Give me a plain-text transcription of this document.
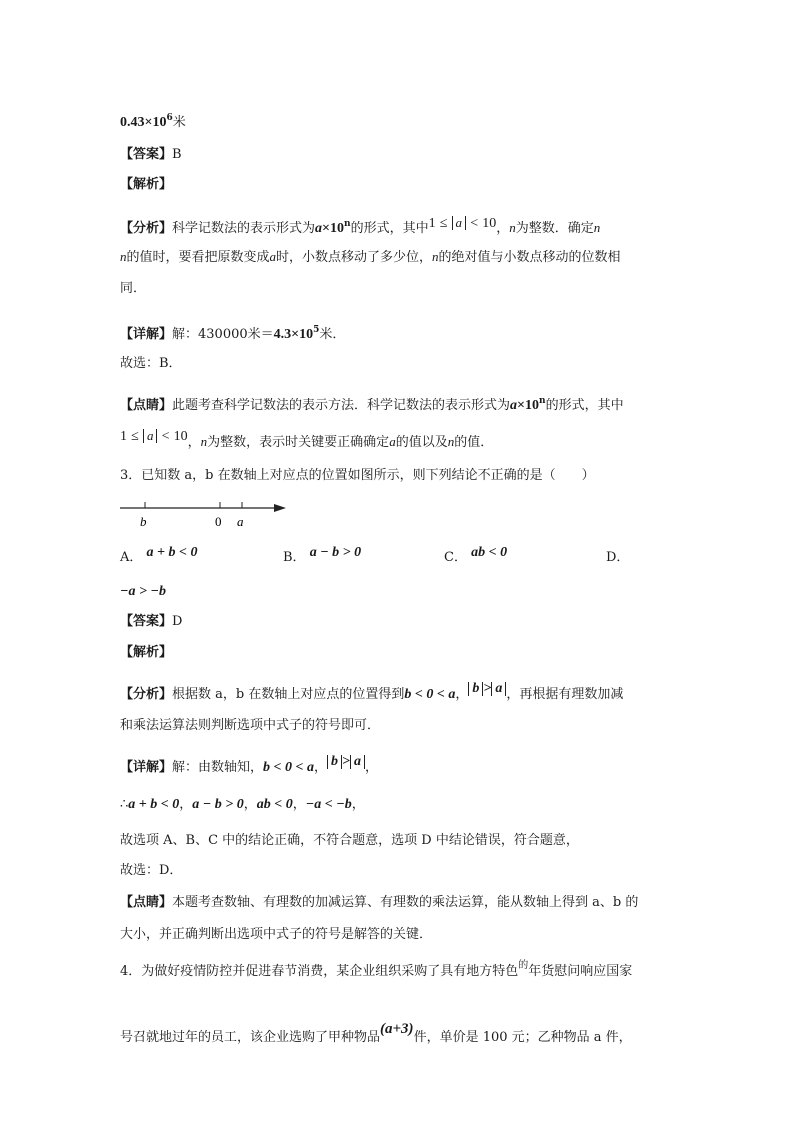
$0.43\times 10^6$米
【答案】B
【解析】
【分析】科学记数法的表示形式为$a\times 10^n$的形式，其中1 ≤ a < 10，n为整数．确定n
n的值时，要看把原数变成a时，小数点移动了多少位，n的绝对值与小数点移动的位数相
同．
【详解】解：430000米$=4.3\times 10^5$米．
故选：B．
【点睛】此题考查科学记数法的表示方法．科学记数法的表示形式为$a\times 10^n$的形式，其中
1 ≤ a < 10，n为整数，表示时关键要正确确定a的值以及n的值．
3．已知数 a，b 在数轴上对应点的位置如图所示，则下列结论不正确的是（　　）
b	0 a
A． a + b < 0	B． a − b > 0	C． ab < 0	D．
−a > −b
【答案】D
【解析】
【分析】根据数 a，b 在数轴上对应点的位置得到b < 0 < a， b > a ，再根据有理数加减
和乘法运算法则判断选项中式子的符号即可．
【详解】解：由数轴知，b < 0 < a， b > a ，
∴a + b < 0，a − b > 0，ab < 0，−a < −b，
故选项 A、B、C 中的结论正确，不符合题意，选项 D 中结论错误，符合题意，
故选：D．
【点睛】本题考查数轴、有理数的加减运算、有理数的乘法运算，能从数轴上得到 a、b 的
大小，并正确判断出选项中式子的符号是解答的关键．
4．为做好疫情防控并促进春节消费，某企业组织采购了具有地方特色$^的$年货慰问响应国家
号召就地过年的员工，该企业选购了甲种物品(a+3)件，单价是 100 元；乙种物品 a 件，
